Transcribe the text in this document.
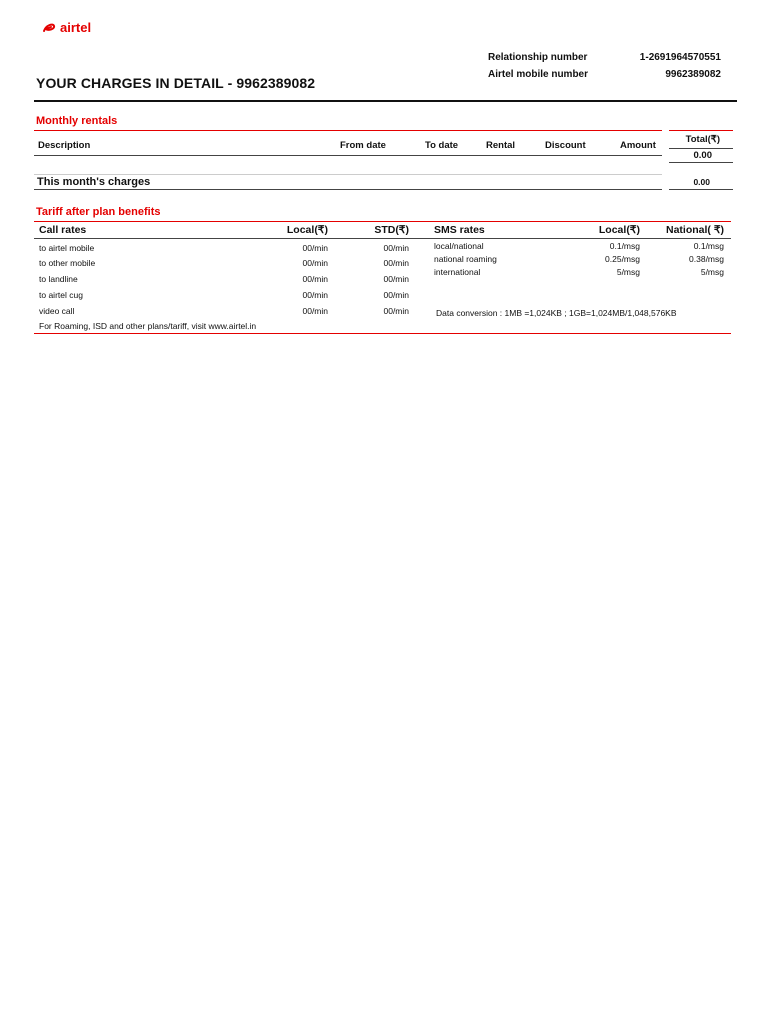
airtel
Relationship number	1-2691964570551
Airtel mobile number	9962389082
YOUR CHARGES IN DETAIL - 9962389082
Monthly rentals
Description	From date	To date	Rental	Discount	Amount
Total(₹)
0.00
This month's charges	0.00
Tariff after plan benefits
Call rates	Local(₹)	STD(₹) SMS rates	Local(₹) National( ₹)
to airtel mobile	00/min	00/min
to other mobile	00/min	00/min
to landline	00/min	00/min
to airtel cug	00/min	00/min
video call	00/min	00/min
local/national	0.1/msg	0.1/msg
national roaming	0.25/msg	0.38/msg
international	5/msg	5/msg
Data conversion : 1MB =1,024KB ; 1GB=1,024MB/1,048,576KB
For Roaming, ISD and other plans/tariff, visit www.airtel.in
